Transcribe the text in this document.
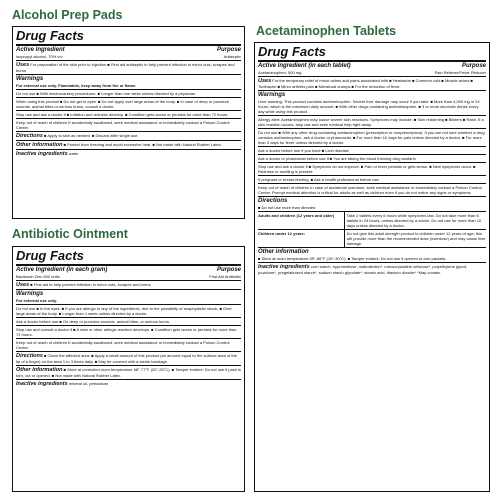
Alcohol Prep Pads
Drug Facts
Active Ingredient	Purpose
Isopropyl alcohol, 70% v/v	Antiseptic
Uses For preparation of the skin prior to injection ■ First aid antiseptic to help prevent infection in minor cuts, scrapes and burns
Warnings
For external use only. Flammable, keep away from fire or flame.
Do not use ■ With electrocautery procedures. ■ Longer than one week unless directed by a physician.
When using this product ■ Do not get in eyes. ■ Do not apply over large areas of the body. ■ In case of deep or puncture wounds, animal bites or serious burns, consult a doctor.
Stop use and ask a doctor if ■ Irritation and redness develop. ■ Condition gets worse or persists for more than 72 hours.
Keep out of reach of children If accidentally swallowed, seek medical assistance or immediately contact a Poison Control Center.
Directions ■ Apply to skin as needed. ■ Discard after single use.
Other information ■ Protect from freezing and avoid excessive heat. ■ Not made with Natural Rubber Latex.
Inactive ingredients water
Antibiotic Ointment
Drug Facts
Active Ingredient (in each gram)	Purpose
Bacitracin Zinc 500 units	First Aid Antibiotic
Uses ■ First aid to help prevent infection in minor cuts, scrapes and burns.
Warnings
For external use only.
Do not use ■ In the eyes. ■ If you are allergic to any of the ingredients, due to the possibility of anaphylactic shock. ■ Over large areas of the body. ■ Longer than 1 week unless directed by a doctor.
Ask a doctor before use ■ On deep or puncture wounds, animal bites, or serious burns.
Stop use and consult a doctor if ■ A rash or other allergic reaction develops. ■ Condition gets worse or persists for more than 72 hours.
Keep out of reach of children If accidentally swallowed, seek medical assistance or immediately contact a Poison Control Center.
Directions ■ Clean the affected area. ■ Apply a small amount of this product (an amount equal to the surface area of the tip of a finger) on the area 1 to 3 times daily. ■ May be covered with a sterile bandage.
Other information ■ Store at controlled room temperature 68°-77°F (20°-25°C). ■ Tamper evident: Do not use if pack is torn, cut or opened. ■ Not made with Natural Rubber Latex.
Inactive ingredients mineral oil, petrolatum
Acetaminophen Tablets
Drug Facts
Active Ingredient (in each tablet)	Purpose
Acetaminophen, 500 mg	Pain Reliever/Fever Reducer
Uses For the temporary relief of minor aches and pains associated with ■ Headache ■ Common cold ■ Muscle aches ■ Toothache ■ Minor arthritis pain ■ Menstrual cramps ■ For the reduction of fever.
Warnings
Liver warning: This product contains acetaminophen. Severe liver damage may occur if you take: ■ More than 4,000 mg in 24 hours, which is the maximum daily amount. ■ With other drugs containing acetaminophen. ■ 3 or more alcoholic drinks every day while using this product.
Allergy alert: Acetaminophen may cause severe skin reactions. Symptoms may include: ■ Skin reddening ■ Blisters ■ Rash. If a skin reaction occurs, stop use and seek medical help right away.
Do not use ■ With any other drug containing acetaminophen (prescription or nonprescription). If you are not sure whether a drug contains acetaminophen, ask a doctor or pharmacist. ■ For more than 10 days for pain unless directed by a doctor. ■ For more than 3 days for fever unless directed by a doctor.
Ask a doctor before use if you have ■ Liver disease
Ask a doctor or pharmacist before use if ■ You are taking the blood thinning drug warfarin
Stop use and ask a doctor if ■ Symptoms do not improve. ■ Pain or fever persists or gets worse. ■ New symptoms occur. ■ Redness or swelling is present.
If pregnant or breast-feeding, ■ Ask a health professional before use.
Keep out of reach of children In case of accidental overdose, seek medical assistance or immediately contact a Poison Control Center. Prompt medical attention is critical for adults as well as children even if you do not notice any signs or symptoms.
Directions
■ Do not use more than directed
Adults and children (12 years and older)	Take 2 tablets every 6 hours while symptoms last. Do not take more than 6 tablets in 24 hours, unless directed by a doctor. Do not use for more than 10 days unless directed by a doctor.
Children under 12 years:	Do not give this adult strength product to children under 12 years of age; this will provide more than the recommended dose (overdose) and may cause liver damage.
Other information
■ Store at room temperature 59°-86°F (15°-30°C). ■ Tamper evident: Do not use if opened or torn packets.
Inactive ingredients corn starch, hypromellose, maltodextrin*, microcrystalline cellulose*, polyethylene glycol, povidone*, pregelatinized starch*, sodium starch glycolate*, stearic acid, titanium dioxide* *May contain
